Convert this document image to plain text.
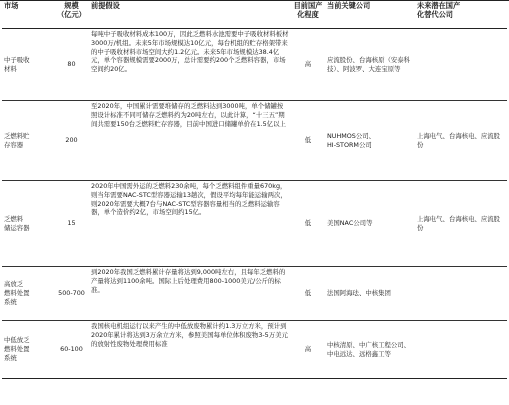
市场	规模
（亿元）	前提假设	目前国产
化程度	当前关键公司	未来潜在国产
化替代公司
中子吸收
材料	80	每吨中子吸收材料成本100万，因此乏燃料水池需要中子吸收材料板材3000万/机组。未来5年市场规模达10亿元，每台机组的贮存格架带来的中子吸收材料市场空间大约1.2亿元。未来5年市场规模达38.4亿元，单个容器规模需要2000万，总计需要约200个乏燃料容器，市场空间约20亿。	高	应流股份、台海核原（安泰科技）、阿波罗、大连宝原等	
乏燃料贮
存容器	200	至2020年，中国累计需要堆储存的乏燃料达到3000吨，单个储罐按照设计标准不同可储存乏燃料约为20吨左右，以此计算，“十三五”期间共需要150台乏燃料贮存容器，目前中国进口储罐单价在1.5亿以上	低	NUHMOS公司、
HI-STORM公司	上海电气、台海核电、应流股份
乏燃料
储运容器	15	2020年中国需外运的乏燃料230余吨，每个乏燃料组件重量670kg，则当年需要NAC-STC型容器运输13趟次，假设平均每年能运输两次，则2020年需要大概7台与NAC-STC型容器容量相当的乏燃料运输容器，单个造价约2亿，市场空间约15亿。	低	美国NAC公司等	上海电气、台海核电、应流股份
高放乏
燃料处置
系统	500-700	到2020年我国乏燃料累计存量将达到9,000吨左右，且每年乏燃料的产量将达到1100余吨。国际上后处理费用800-1000美元/公斤的标准。	低	法国阿海珐、中核集团	
中低放乏
燃料处置
系统	60-100	我国核电机组运行以来产生的中低放废物累计约1.3万立方米，预计到2020年累计将达到3万余立方米，参照美国每单位体积废物3-5万美元的放射性废物处理费用标准	高	中核清原、中广核工程公司、中电远达、远格鑫工等	
